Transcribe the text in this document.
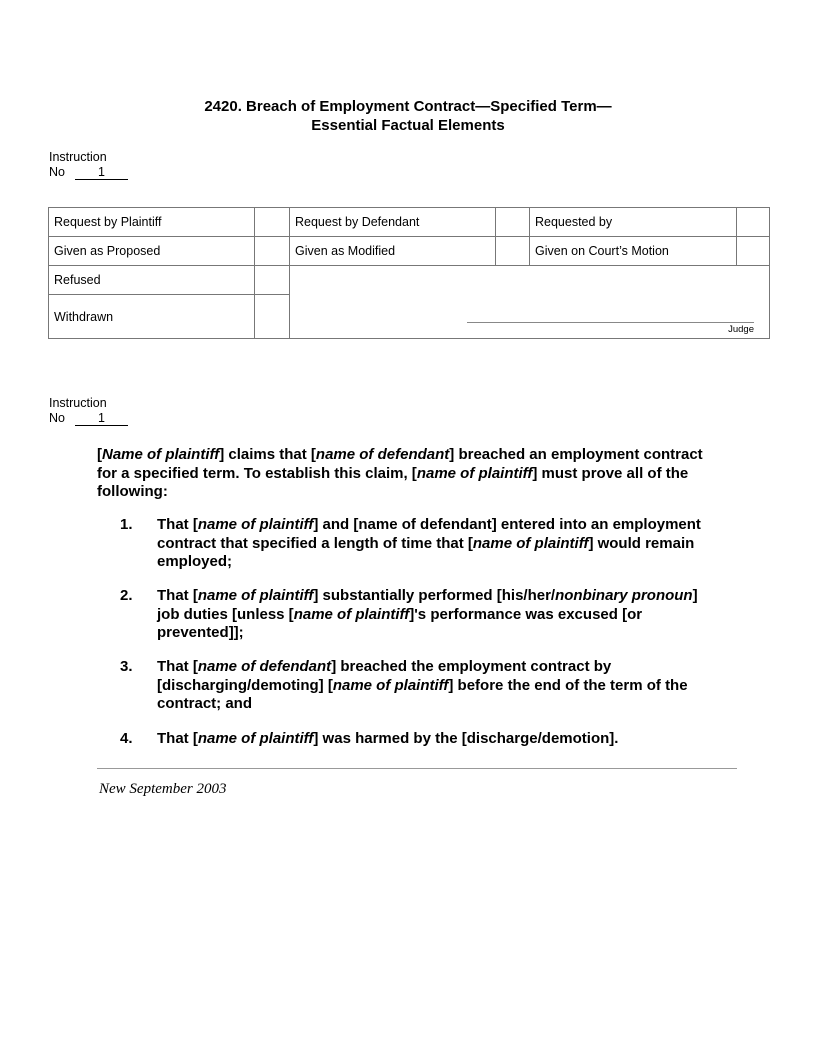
2420. Breach of Employment Contract—Specified Term—
Essential Factual Elements
Instruction
No	1
Request by Plaintiff		Request by Defendant		Requested by	
Given as Proposed		Given as Modified		Given on Court’s Motion	
Refused					
Withdrawn					
Judge
Instruction
No	1
[Name of plaintiff] claims that [name of defendant] breached an employment contract for a specified term. To establish this claim, [name of plaintiff] must prove all of the following:
1.	That [name of plaintiff] and [name of defendant] entered into an employment contract that specified a length of time that [name of plaintiff] would remain employed;
2.	That [name of plaintiff] substantially performed [his/her/nonbinary pronoun] job duties [unless [name of plaintiff]'s performance was excused [or prevented]];
3.	That [name of defendant] breached the employment contract by [discharging/demoting] [name of plaintiff] before the end of the term of the contract; and
4.	That [name of plaintiff] was harmed by the [discharge/demotion].
New September 2003
